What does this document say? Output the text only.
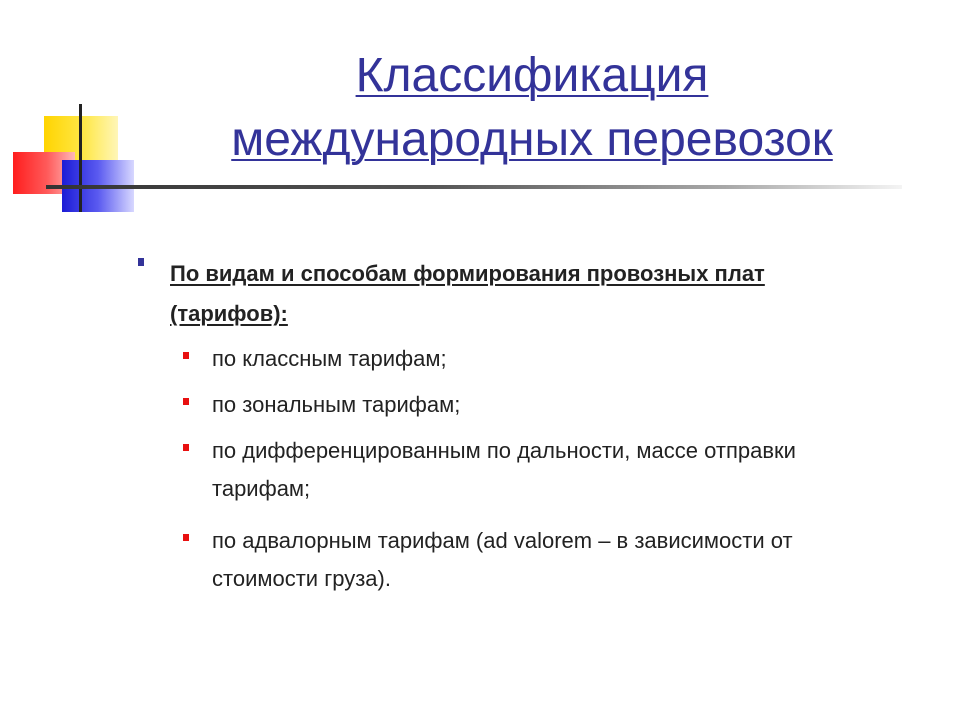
Классификация
международных перевозок
По видам и способам формирования провозных плат
(тарифов):
по классным тарифам;
по зональным тарифам;
по дифференцированным по дальности, массе отправки
тарифам;
по адвалорным тарифам (ad valorem – в зависимости от
стоимости груза).
